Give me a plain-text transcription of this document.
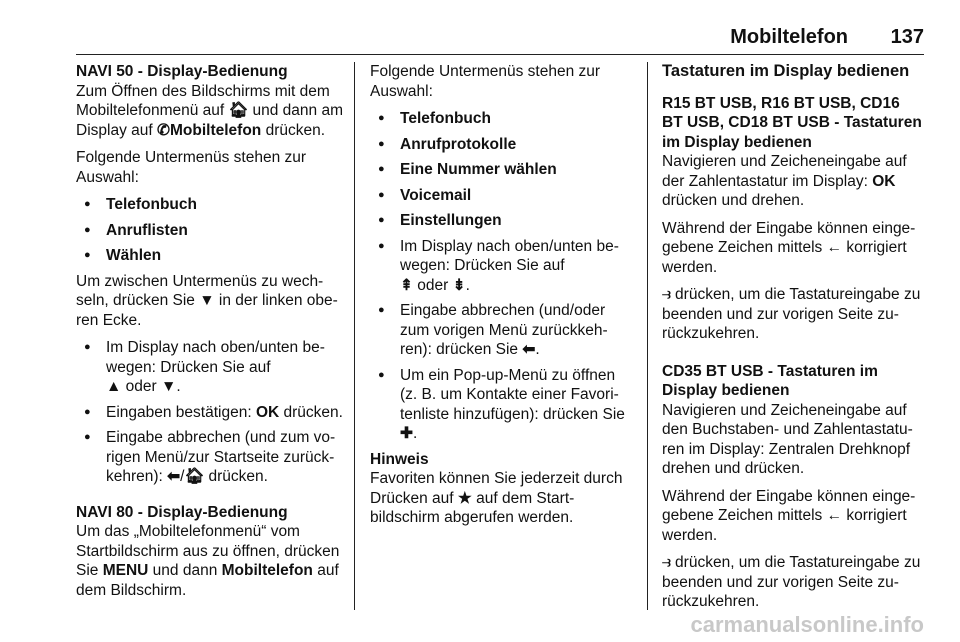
Mobiltelefon 137

NAVI 50 - Display-Bedienung

Zum Öffnen des Bildschirms mit dem Mobiltelefonmenü auf 🏠︎ und dann am Display auf ✆Mobiltelefon drücken.

Folgende Untermenüs stehen zur Auswahl:

● Telefonbuch
● Anruflisten
● Wählen

Um zwischen Untermenüs zu wech- seln, drücken Sie ▼ in der linken obe- ren Ecke.

● Im Display nach oben/unten be- wegen: Drücken Sie auf
▲ oder ▼.
● Eingaben bestätigen: OK drücken.
● Eingabe abbrechen (und zum vo- rigen Menü/zur Startseite zurück- kehren): ⬅/🏠︎ drücken.

NAVI 80 - Display-Bedienung

Um das „Mobiltelefonmenü“ vom Startbildschirm aus zu öffnen, drücken Sie MENU und dann Mobiltelefon auf dem Bildschirm.

Folgende Untermenüs stehen zur Auswahl:

● Telefonbuch
● Anrufprotokolle
● Eine Nummer wählen
● Voicemail
● Einstellungen
● Im Display nach oben/unten be- wegen: Drücken Sie auf
⇞ oder ⇟.
● Eingabe abbrechen (und/oder zum vorigen Menü zurückkeh- ren): drücken Sie ⬅.
● Um ein Pop-up-Menü zu öffnen (z. B. um Kontakte einer Favori- tenliste hinzufügen): drücken Sie ✚.

Hinweis

Favoriten können Sie jederzeit durch Drücken auf ★ auf dem Start- bildschirm abgerufen werden.

Tastaturen im Display bedienen

R15 BT USB, R16 BT USB, CD16 BT USB, CD18 BT USB - Tastaturen im Display bedienen

Navigieren und Zeicheneingabe auf der Zahlentastatur im Display: OK drücken und drehen.

Während der Eingabe können einge- gebene Zeichen mittels ← korrigiert werden.

⥽ drücken, um die Tastatureingabe zu beenden und zur vorigen Seite zu- rückzukehren.

CD35 BT USB - Tastaturen im Display bedienen

Navigieren und Zeicheneingabe auf den Buchstaben- und Zahlentastatu- ren im Display: Zentralen Drehknopf drehen und drücken.

Während der Eingabe können einge- gebene Zeichen mittels ← korrigiert werden.

⥽ drücken, um die Tastatureingabe zu beenden und zur vorigen Seite zu- rückzukehren.

carmanualsonline.info
